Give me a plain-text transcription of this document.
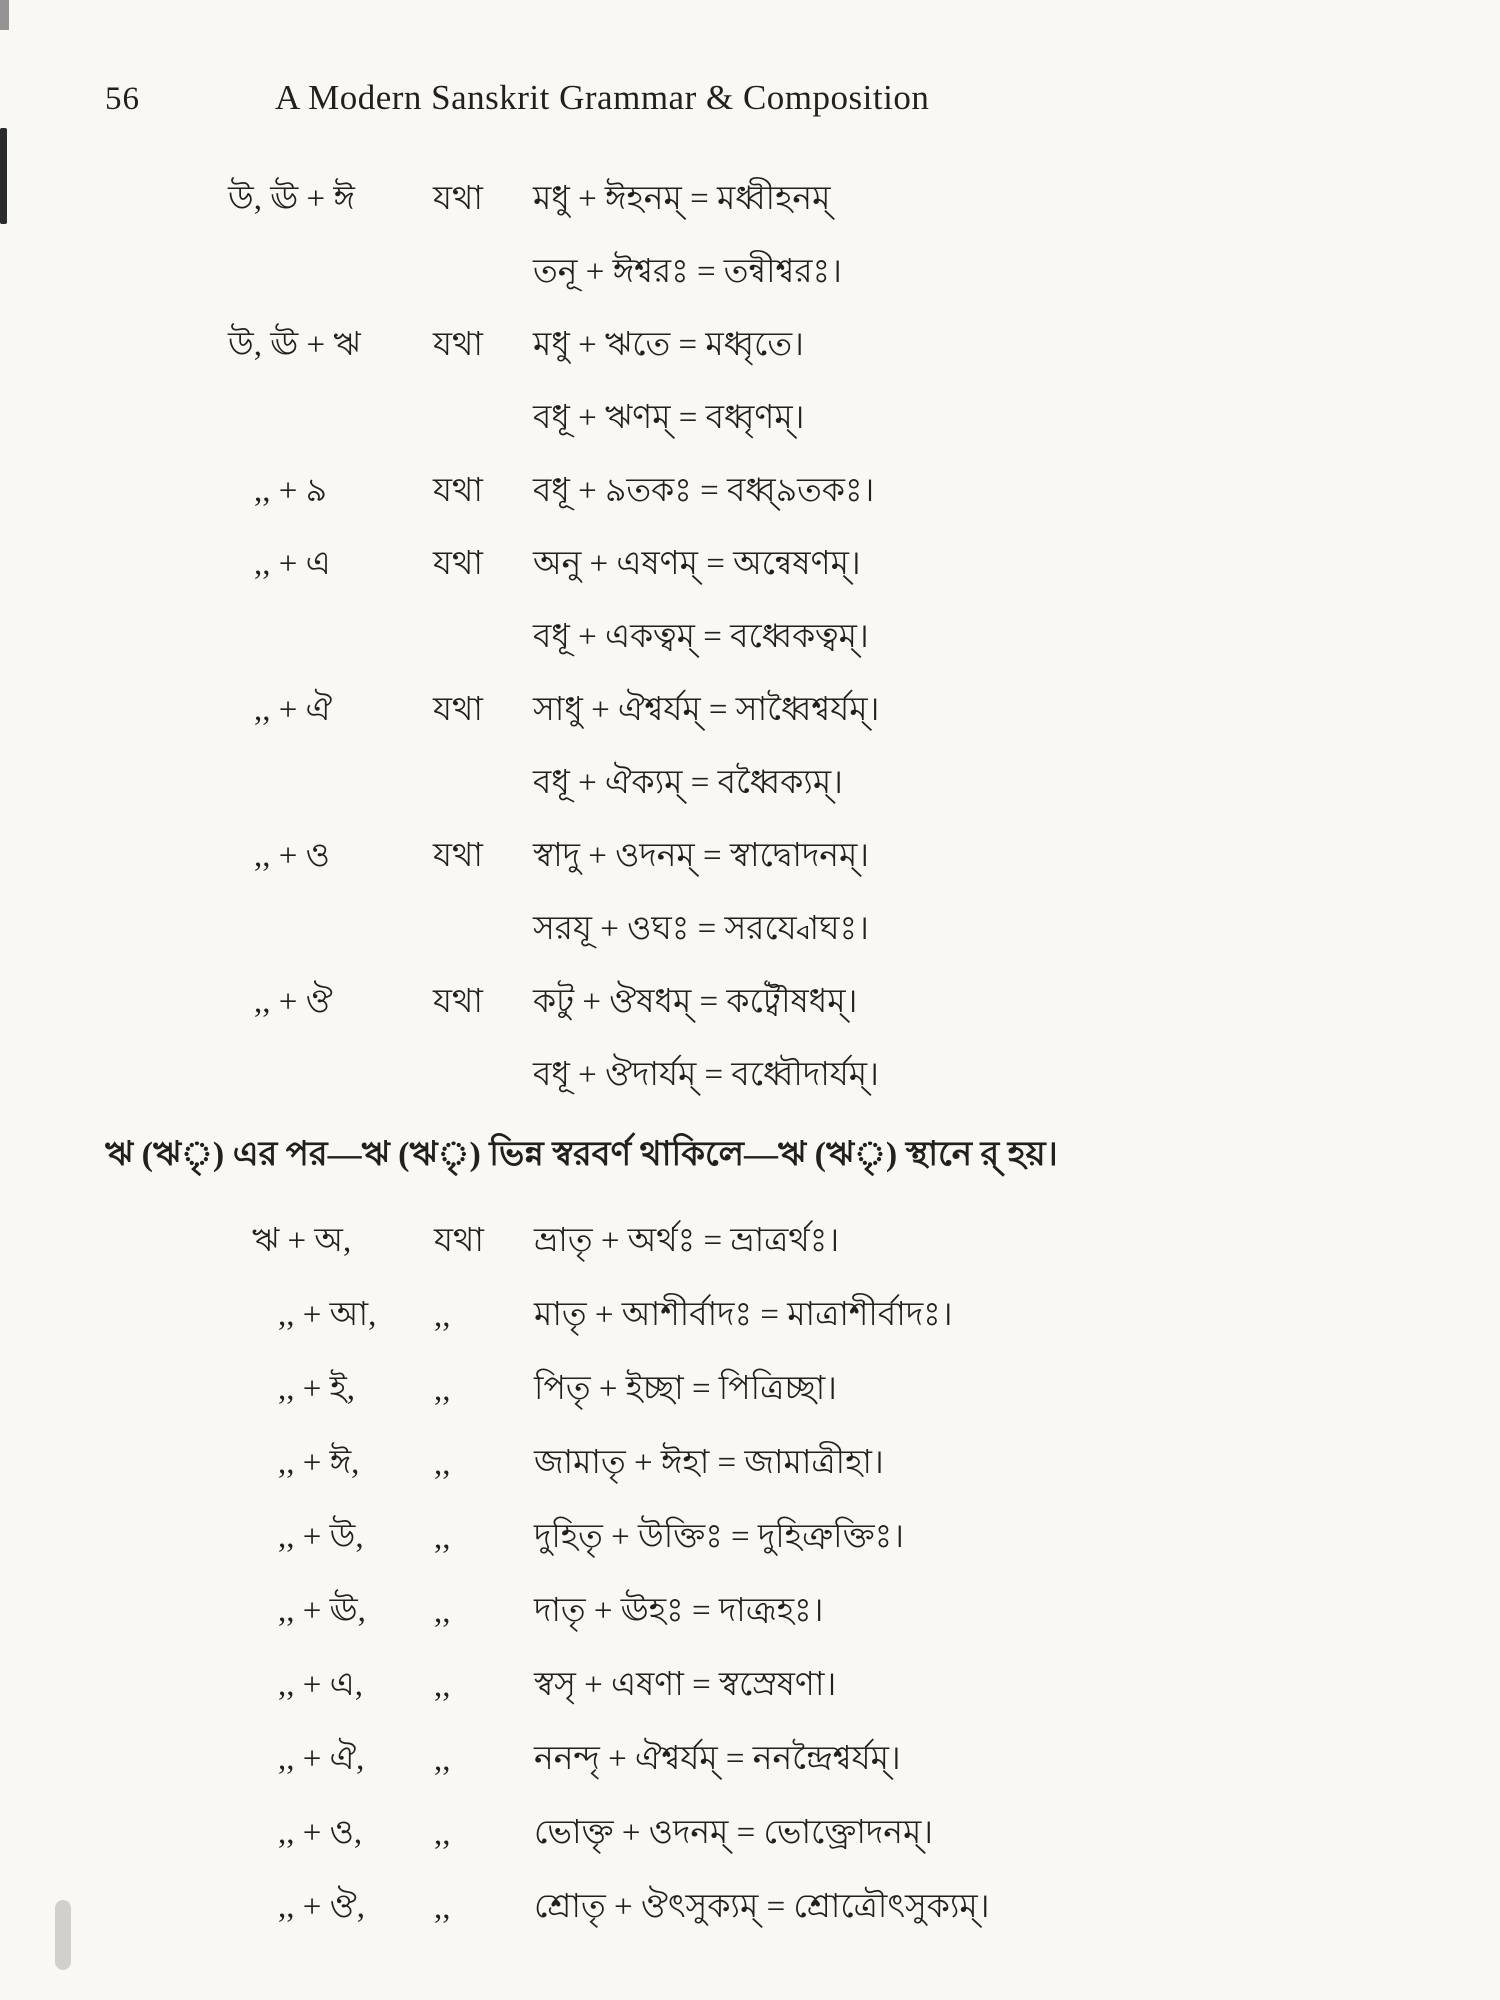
56	A Modern Sanskrit Grammar & Composition
উ, ঊ + ঈ	যথা	মধু + ঈহনম্ = মধ্বীহনম্
তনূ + ঈশ্বরঃ = তন্বীশ্বরঃ।
উ, ঊ + ঋ	যথা	মধু + ঋতে = মধ্বৃতে।
বধূ + ঋণম্ = বধ্বৃণম্।
,, + ৯	যথা	বধূ + ৯তকঃ = বধ্ব্‌৯তকঃ।
,, + এ	যথা	অনু + এষণম্ = অন্বেষণম্।
বধূ + একত্বম্ = বধ্বেকত্বম্।
,, + ঐ	যথা	সাধু + ঐশ্বর্যম্ = সাধ্বৈশ্বর্যম্।
বধূ + ঐক্যম্ = বধ্বৈক্যম্।
,, + ও	যথা	স্বাদু + ওদনম্ = স্বাদ্বোদনম্।
সরযূ + ওঘঃ = সরয্বোঘঃ।
,, + ঔ	যথা	কটু + ঔষধম্ = কট্বৌষধম্।
বধূ + ঔদার্যম্ = বধ্বৌদার্যম্।

ঋ (ঋৃ) এর পর—ঋ (ঋৃ) ভিন্ন স্বরবর্ণ থাকিলে—ঋ (ঋৃ) স্থানে র্ হয়।

ঋ + অ,	যথা	ভ্রাতৃ + অর্থঃ = ভ্রাত্রর্থঃ।
,, + আ,	,,	মাতৃ + আশীর্বাদঃ = মাত্রাশীর্বাদঃ।
,, + ই,	,,	পিতৃ + ইচ্ছা = পিত্রিচ্ছা।
,, + ঈ,	,,	জামাতৃ + ঈহা = জামাত্রীহা।
,, + উ,	,,	দুহিতৃ + উক্তিঃ = দুহিত্রুক্তিঃ।
,, + ঊ,	,,	দাতৃ + ঊহঃ = দাত্রূহঃ।
,, + এ,	,,	স্বসৃ + এষণা = স্বস্রেষণা।
,, + ঐ,	,,	ননন্দৃ + ঐশ্বর্যম্ = ননন্দ্রৈশ্বর্যম্।
,, + ও,	,,	ভোক্তৃ + ওদনম্ = ভোক্ত্রোদনম্।
,, + ঔ,	,,	শ্রোতৃ + ঔৎসুক্যম্ = শ্রোত্রৌৎসুক্যম্।
